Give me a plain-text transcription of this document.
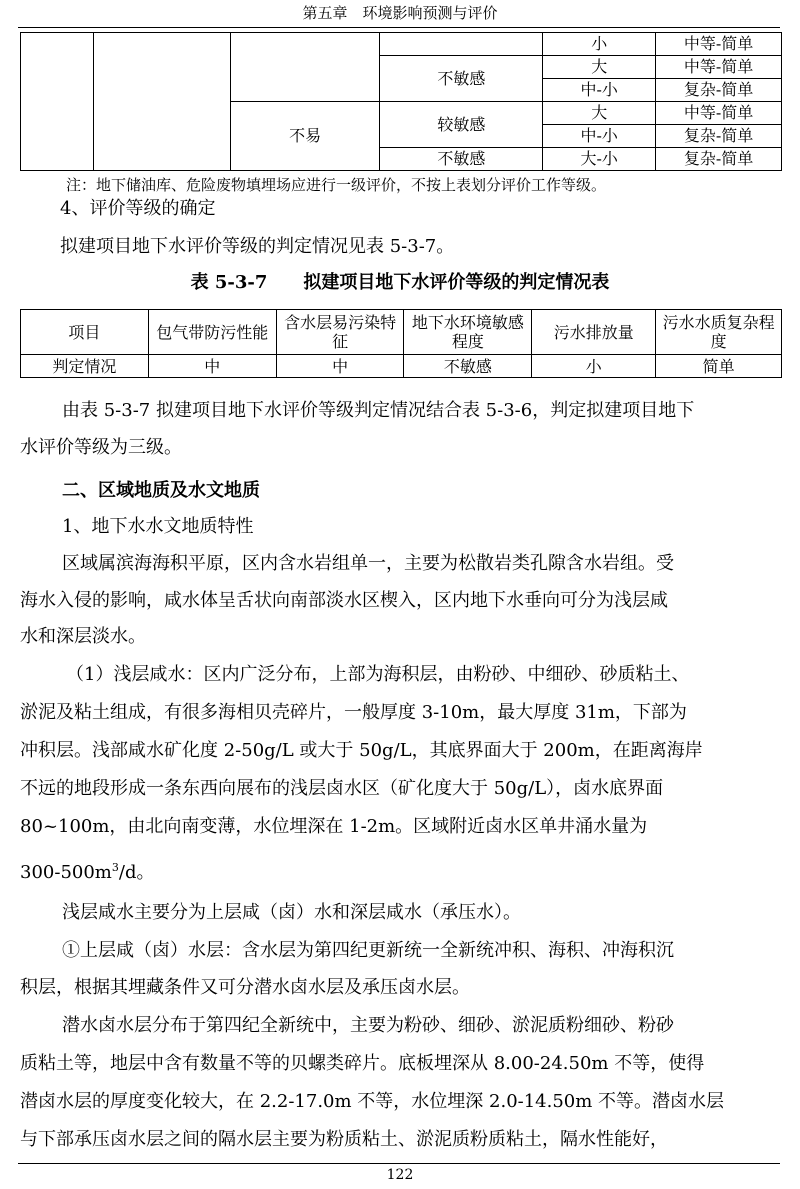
第五章　环境影响预测与评价
				小	中等-简单
			不敏感	大	中等-简单
				中-小	复杂-简单
		不易	较敏感	大	中等-简单
				中-小	复杂-简单
			不敏感	大-小	复杂-简单
注：地下储油库、危险废物填埋场应进行一级评价，不按上表划分评价工作等级。
4、评价等级的确定
拟建项目地下水评价等级的判定情况见表 5-3-7。
表 5-3-7　　拟建项目地下水评价等级的判定情况表
项目	包气带防污性能	含水层易污染特征	地下水环境敏感程度	污水排放量	污水水质复杂程度
判定情况	中	中	不敏感	小	简单
由表 5-3-7 拟建项目地下水评价等级判定情况结合表 5-3-6，判定拟建项目地下
水评价等级为三级。
二、区域地质及水文地质
1、地下水水文地质特性
区域属滨海海积平原，区内含水岩组单一，主要为松散岩类孔隙含水岩组。受
海水入侵的影响，咸水体呈舌状向南部淡水区楔入，区内地下水垂向可分为浅层咸
水和深层淡水。
（1）浅层咸水：区内广泛分布，上部为海积层，由粉砂、中细砂、砂质粘土、
淤泥及粘土组成，有很多海相贝壳碎片，一般厚度 3-10m，最大厚度 31m，下部为
冲积层。浅部咸水矿化度 2-50g/L 或大于 50g/L，其底界面大于 200m，在距离海岸
不远的地段形成一条东西向展布的浅层卤水区（矿化度大于 50g/L），卤水底界面
80~100m，由北向南变薄，水位埋深在 1-2m。区域附近卤水区单井涌水量为
$300-500m^3/d$。
浅层咸水主要分为上层咸（卤）水和深层咸水（承压水）。
①上层咸（卤）水层：含水层为第四纪更新统一全新统冲积、海积、冲海积沉
积层，根据其埋藏条件又可分潜水卤水层及承压卤水层。
潜水卤水层分布于第四纪全新统中，主要为粉砂、细砂、淤泥质粉细砂、粉砂
质粘土等，地层中含有数量不等的贝螺类碎片。底板埋深从 8.00-24.50m 不等，使得
潜卤水层的厚度变化较大，在 2.2-17.0m 不等，水位埋深 2.0-14.50m 不等。潜卤水层
与下部承压卤水层之间的隔水层主要为粉质粘土、淤泥质粉质粘土，隔水性能好，
122
